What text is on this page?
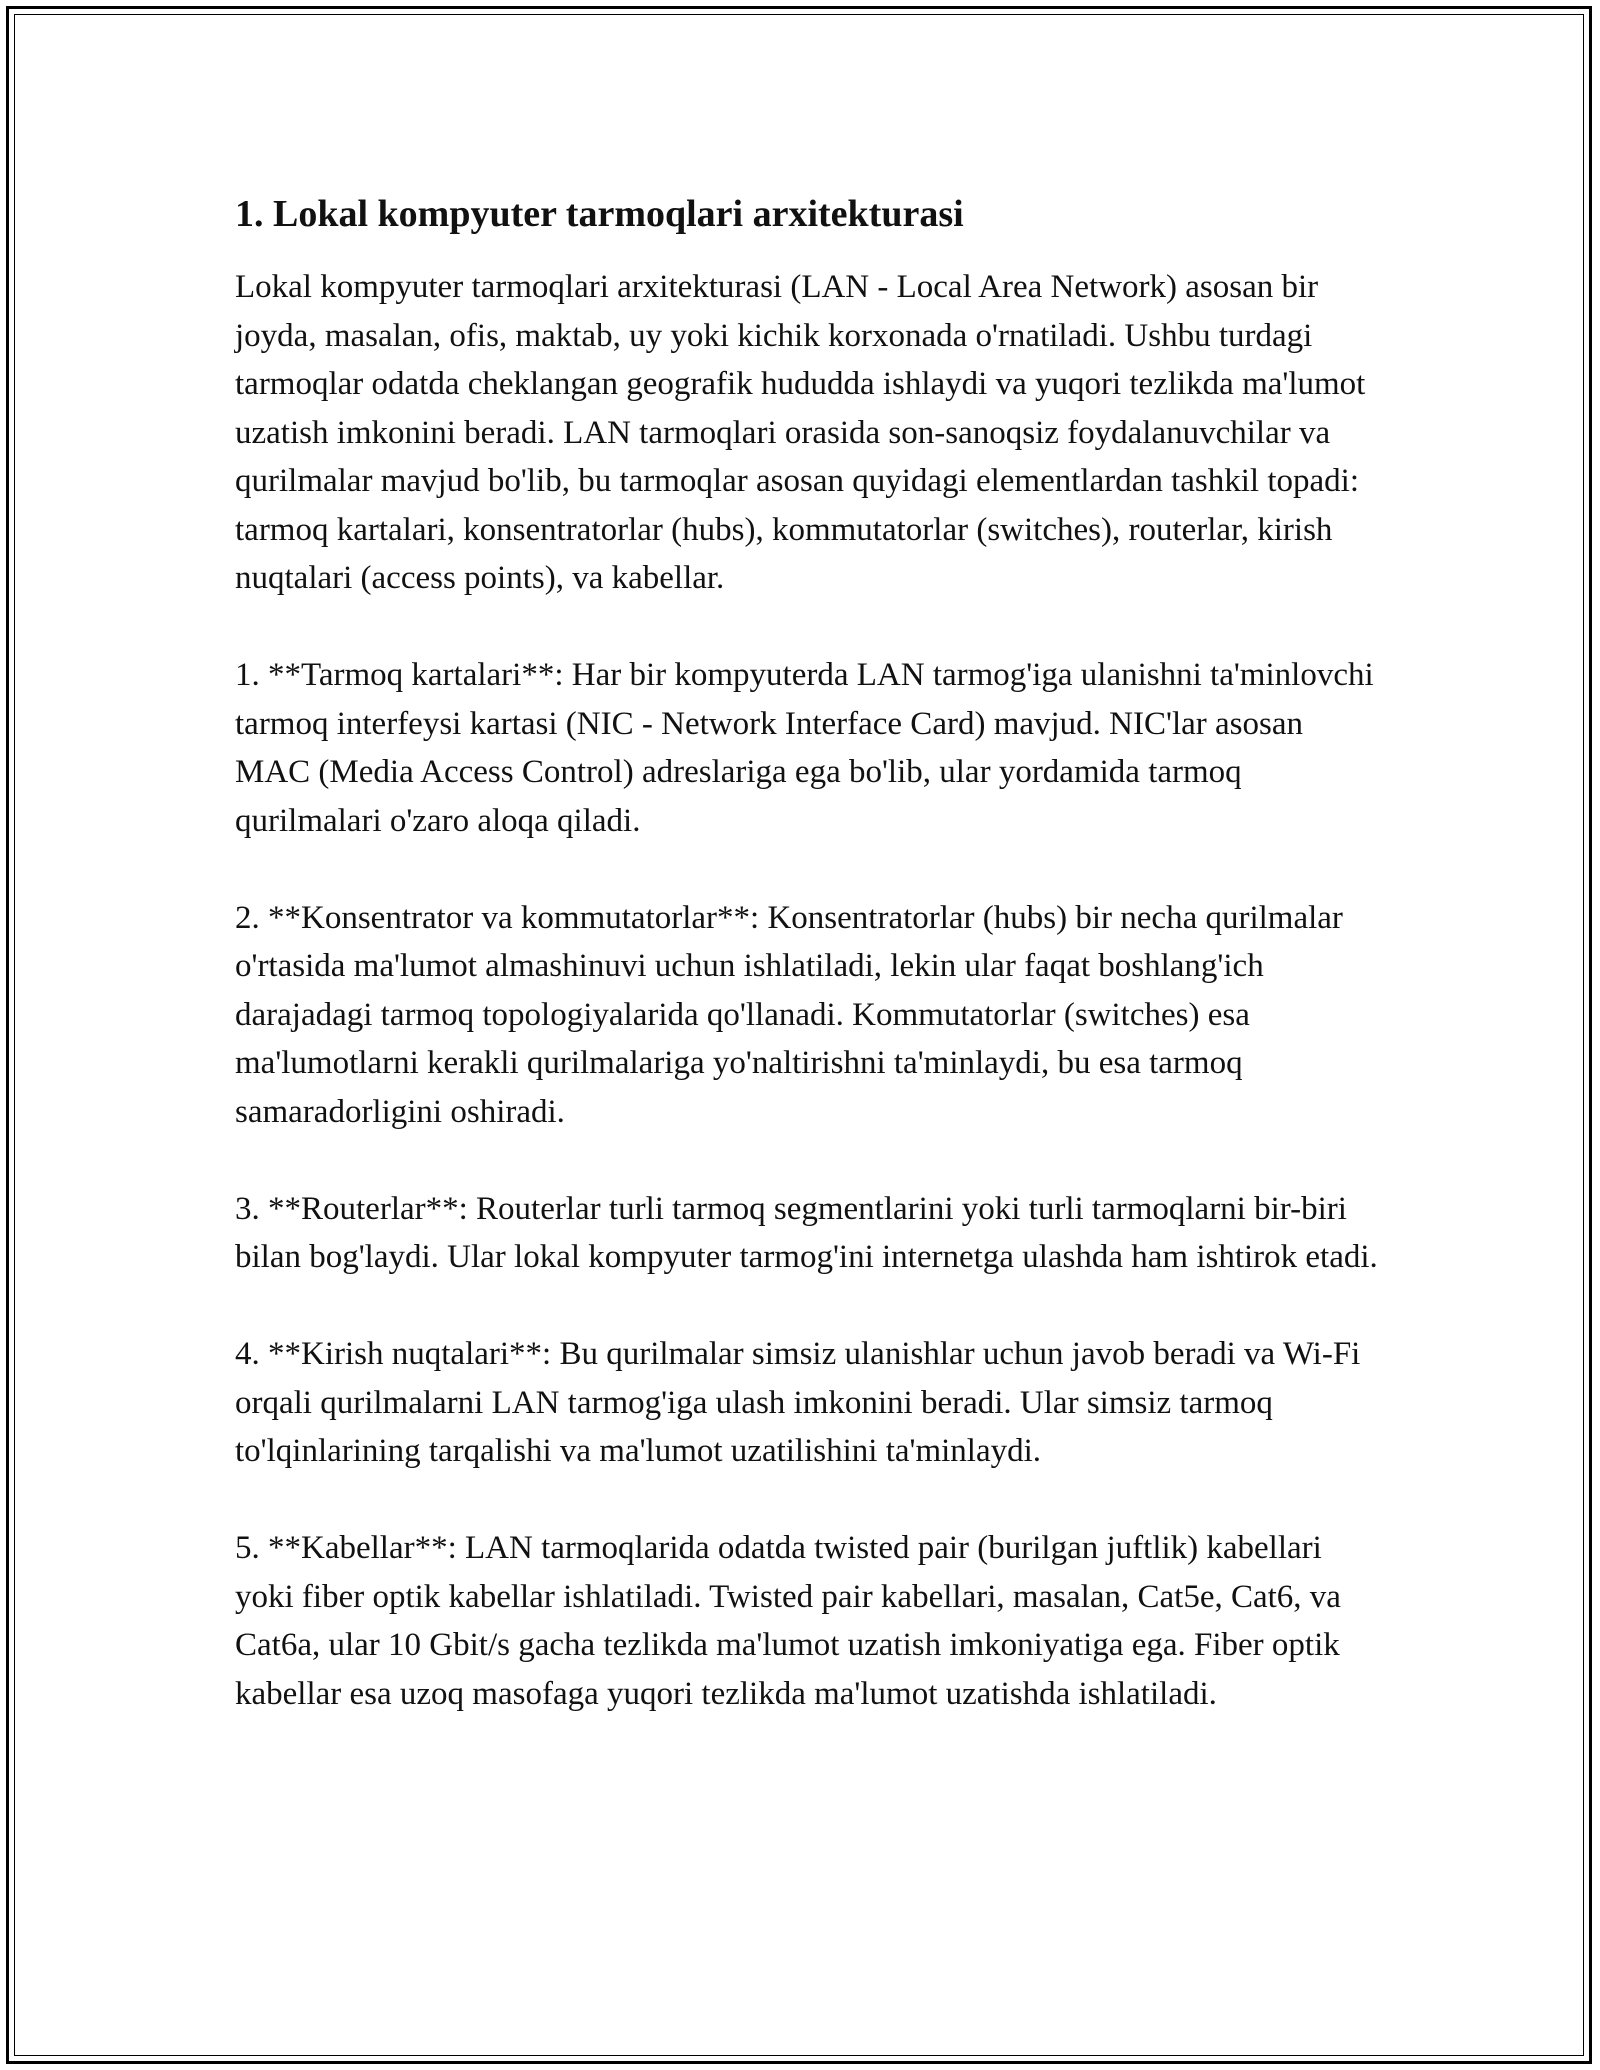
1. Lokal kompyuter tarmoqlari arxitekturasi

Lokal kompyuter tarmoqlari arxitekturasi (LAN - Local Area Network) asosan bir joyda, masalan, ofis, maktab, uy yoki kichik korxonada o'rnatiladi. Ushbu turdagi tarmoqlar odatda cheklangan geografik hududda ishlaydi va yuqori tezlikda ma'lumot uzatish imkonini beradi. LAN tarmoqlari orasida son-sanoqsiz foydalanuvchilar va qurilmalar mavjud bo'lib, bu tarmoqlar asosan quyidagi elementlardan tashkil topadi: tarmoq kartalari, konsentratorlar (hubs), kommutatorlar (switches), routerlar, kirish nuqtalari (access points), va kabellar.

1. **Tarmoq kartalari**: Har bir kompyuterda LAN tarmog'iga ulanishni ta'minlovchi tarmoq interfeysi kartasi (NIC - Network Interface Card) mavjud. NIC'lar asosan MAC (Media Access Control) adreslariga ega bo'lib, ular yordamida tarmoq qurilmalari o'zaro aloqa qiladi.

2. **Konsentrator va kommutatorlar**: Konsentratorlar (hubs) bir necha qurilmalar o'rtasida ma'lumot almashinuvi uchun ishlatiladi, lekin ular faqat boshlang'ich darajadagi tarmoq topologiyalarida qo'llanadi. Kommutatorlar (switches) esa ma'lumotlarni kerakli qurilmalariga yo'naltirishni ta'minlaydi, bu esa tarmoq samaradorligini oshiradi.

3. **Routerlar**: Routerlar turli tarmoq segmentlarini yoki turli tarmoqlarni bir-biri bilan bog'laydi. Ular lokal kompyuter tarmog'ini internetga ulashda ham ishtirok etadi.

4. **Kirish nuqtalari**: Bu qurilmalar simsiz ulanishlar uchun javob beradi va Wi-Fi orqali qurilmalarni LAN tarmog'iga ulash imkonini beradi. Ular simsiz tarmoq to'lqinlarining tarqalishi va ma'lumot uzatilishini ta'minlaydi.

5. **Kabellar**: LAN tarmoqlarida odatda twisted pair (burilgan juftlik) kabellari yoki fiber optik kabellar ishlatiladi. Twisted pair kabellari, masalan, Cat5e, Cat6, va Cat6a, ular 10 Gbit/s gacha tezlikda ma'lumot uzatish imkoniyatiga ega. Fiber optik kabellar esa uzoq masofaga yuqori tezlikda ma'lumot uzatishda ishlatiladi.
